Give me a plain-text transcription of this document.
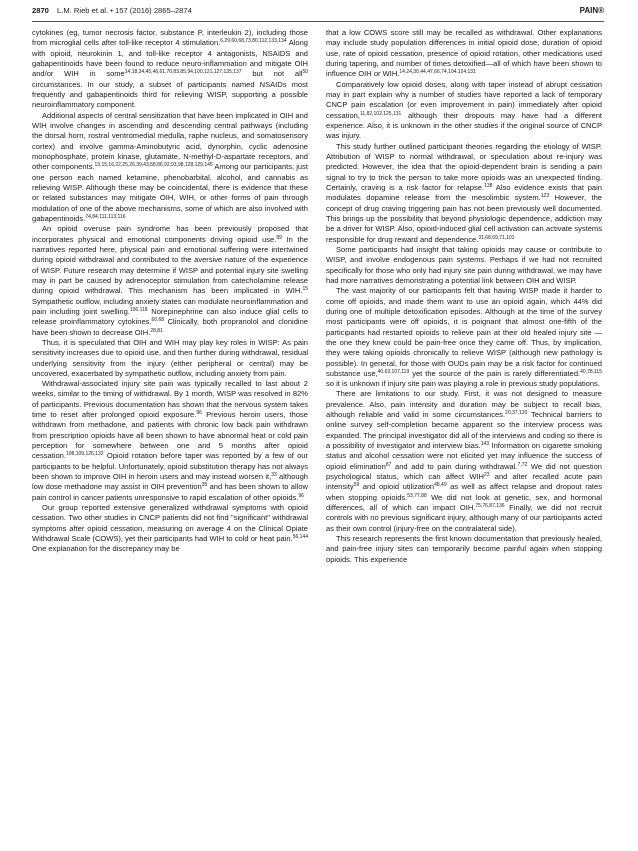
2870 L.M. Rieb et al. • 157 (2016) 2865–2874	PAIN®

cytokines (eg, tumor necrosis factor, substance P, interleukin 2), including those from microglial cells after toll-like receptor 4 stimulation.$^{6,29,60,68,73,80,112,133,134}$ Along with opioid, neurokinin 1, and toll-like receptor 4 antagonists, NSAIDS and gabapentinoids have been found to reduce neuro-inflammation and mitigate OIH and/or WIH in some$^{14,18,34,45,46,61,70,83,85,94,100,121,127,135,137}$ but not all$^{50}$ circumstances. In our study, a subset of participants named NSAIDs most frequently and gabapentinoids third for relieving WISP, supporting a possible neuroinflammatory component.

Additional aspects of central sensitization that have been implicated in OIH and WIH involve changes in ascending and descending central pathways (including the dorsal horn, rostral ventromedial medulla, raphe nucleus, and somatosensory cortex) and involve gamma-Aminobutyric acid, dynorphin, cyclic adenosine monophosphate, protein kinase, glutamate, N-methyl-D-aspartate receptors, and other components.$^{13,15,16,22,25,26,39,43,58,86,92,93,98,128,129,145}$ Among our participants, just one person each named ketamine, phenobarbital, alcohol, and cannabis as relieving WISP. Although these may be coincidental, there is evidence that these or related substances may mitigate OIH, WIH, or other forms of pain through modulation of one of the above mechanisms, some of which are also involved with gabapentinoids.$^{74,84,111,113,116}$

An opioid overuse pain syndrome has been previously proposed that incorporates physical and emotional components driving opioid use.$^{89}$ In the narratives reported here, physical pain and emotional suffering were intertwined during opioid withdrawal and contributed to the aversive nature of the experience of WISP. Future research may determine if WISP and potential injury site swelling may in part be caused by adrenoceptor stimulation from catecholamine release during opioid withdrawal. This mechanism has been implicated in WIH.$^{15}$ Sympathetic outflow, including anxiety states can modulate neuroinflammation and pain including joint swelling.$^{106,118}$ Norepinephrine can also induce glial cells to release proinflammatory cytokines.$^{60,68}$ Clinically, both propranolol and clonidine have been shown to decrease OIH.$^{28,81}$

Thus, it is speculated that OIH and WIH may play key roles in WISP: As pain sensitivity increases due to opioid use, and then further during withdrawal, residual underlying sensitivity from the injury (either peripheral or central) may be uncovered, exacerbated by sympathetic outflow, including anxiety from pain.

Withdrawal-associated injury site pain was typically recalled to last about 2 weeks, similar to the timing of withdrawal. By 1 month, WISP was resolved in 82% of participants. Previous documentation has shown that the nervous system takes time to reset after prolonged opioid exposure.$^{96}$ Previous heroin users, those withdrawn from methadone, and patients with chronic low back pain withdrawn from prescription opioids have all been shown to have abnormal heat or cold pain perception for somewhere between one and 5 months after opioid cessation.$^{108,109,126,132}$ Opioid rotation before taper was reported by a few of our participants to be helpful. Unfortunately, opioid substitution therapy has not always been shown to improve OIH in heroin users and may instead worsen it,$^{33}$ although low dose methadone may assist in OIH prevention$^{35}$ and has been shown to allow pain control in cancer patients unresponsive to rapid escalation of other opioids.$^{96}$

Our group reported extensive generalized withdrawal symptoms with opioid cessation. Two other studies in CNCP patients did not find "significant" withdrawal symptoms after opioid cessation, measuring on average 4 on the Clinical Opiate Withdrawal Scale (COWS), yet their participants had WIH to cold or heat pain.$^{56,144}$ One explanation for the discrepancy may be

that a low COWS score still may be recalled as withdrawal. Other explanations may include study population differences in initial opioid dose, duration of opioid use, rate of opioid cessation, presence of opioid rotation, other medications used during tapering, and number of times detoxified—all of which have been shown to influence OIH or WIH.$^{14,24,30,44,47,66,74,104,124,131}$

Comparatively low opioid doses, along with taper instead of abrupt cessation may in part explain why a number of studies have reported a lack of temporary CNCP pain escalation (or even improvement in pain) immediately after opioid cessation,$^{11,82,102,125,131}$ although their dropouts may have had a different experience. Also, it is unknown in the other studies if the original source of CNCP was injury.

This study further outlined participant theories regarding the etiology of WISP. Attribution of WISP to normal withdrawal, or speculation about re-injury was predicted. However, the idea that the opioid-dependent brain is sending a pain signal to try to trick the person to take more opioids was an unexpected finding. Certainly, craving is a risk factor for relapse.$^{138}$ Also evidence exists that pain modulates dopamine release from the mesolimbic system.$^{123}$ However, the concept of drug craving triggering pain has not been previously well documented. This brings up the possibility that beyond physiologic dependence, addiction may be a driver for WISP. Also, opioid-induced glial cell activation can activate systems responsible for drug reward and dependence.$^{31,68,69,71,101}$

Some participants had insight that taking opioids may cause or contribute to WISP, and involve endogenous pain systems. Perhaps if we had not recruited specifically for those who only had injury site pain during withdrawal, we may have had more narratives demonstrating a potential link between OIH and WISP.

The vast majority of our participants felt that having WISP made it harder to come off opioids, and made them want to use an opioid again, which 44% did during one of multiple detoxification episodes. Although at the time of the survey most participants were off opioids, it is poignant that almost one-fifth of the participants had restarted opioids to relieve pain at their old healed injury site — the one they knew could be pain-free once they came off. Thus, by implication, they were taking opioids chronically to relieve WISP (although new pathology is possible). In general, for those with OUDs pain may be a risk factor for continued substance use,$^{40,63,107,119}$ yet the source of the pain is rarely differentiated.$^{40,78,115}$ so it is unknown if injury site pain was playing a role in previous study populations.

There are limitations to our study. First, it was not designed to measure prevalence. Also, pain intensity and duration may be subject to recall bias, although reliable and valid in some circumstances.$^{20,37,120}$ Technical barriers to online survey self-completion became apparent so the interview process was expanded. The principal investigator did all of the interviews and coding so there is a possibility of investigator and interview bias.$^{143}$ Information on cigarette smoking status and alcohol cessation were not elicited yet may influence the success of opioid elimination$^{87}$ and add to pain during withdrawal.$^{7,72}$ We did not question psychological status, which can affect WIH$^{23}$ and alter recalled acute pain intensity$^{59}$ and opioid utilization$^{48,49}$ as well as affect relapse and dropout rates when stopping opioids.$^{53,77,88}$ We did not look at genetic, sex, and hormonal differences, all of which can impact OIH.$^{75,76,87,136}$ Finally, we did not recruit controls with no previous significant injury, although many of our participants acted as their own control (injury-free on the contralateral side).

This research represents the first known documentation that previously healed, and pain-free injury sites can temporarily become painful again when stopping opioids. This experience
